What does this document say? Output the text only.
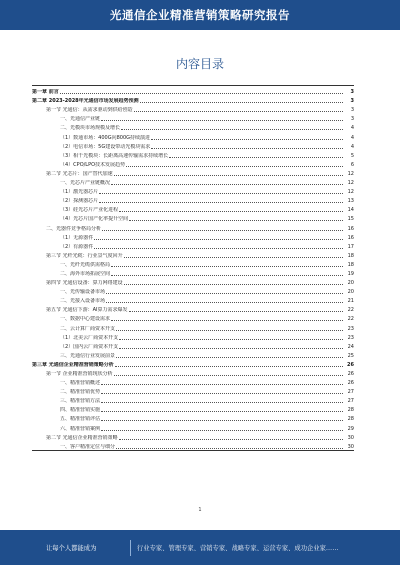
光通信企业精准营销策略研究报告
内容目录
第一章 前言	3
第二章 2023-2028年光通信市场发展趋势预测	3
第一节 光通信：从需求驱动到供给创造	3
一、光通信产业链	3
二、光模块市场规模及增长	4
（1）数通市场：400G向800G持续演进	4
（2）电信市场：5G建设带动光模块需求	4
（3）相干光模块：长距离高速传输需求持续增长	5
（4）CPO/LPO技术发展趋势	6
第二节 光芯片：国产替代加速	12
一、光芯片产业链概况	12
（1）激光器芯片	12
（2）探测器芯片	13
（3）硅光芯片产业化进程	14
（4）光芯片国产化率提升空间	15
二、光器件竞争格局分析	16
（1）无源器件	16
（2）有源器件	17
第三节 光纤光缆：行业景气度回升	18
一、光纤光缆供需格局	18
二、海外市场拓展空间	19
第四节 光通信设备：算力网络建设	20
一、光传输设备市场	20
二、光接入设备市场	21
第五节 光通信下游：AI算力需求爆发	22
一、数据中心建设需求	22
二、云计算厂商资本开支	23
（1）北美云厂商资本开支	23
（2）国内云厂商资本开支	24
三、光通信行业发展前景	25
第三章 光通信企业精准营销策略分析	26
第一节 企业精准营销现状分析	26
一、精准营销概述	26
二、精准营销优势	27
三、精准营销方法	27
四、精准营销实施	28
五、精准营销评估	28
六、精准营销案例	29
第二节 光通信企业精准营销策略	30
一、客户精准定位与细分	30
1
让每个人都能成为	行业专家、管理专家、营销专家、战略专家、运营专家、成功企业家……
